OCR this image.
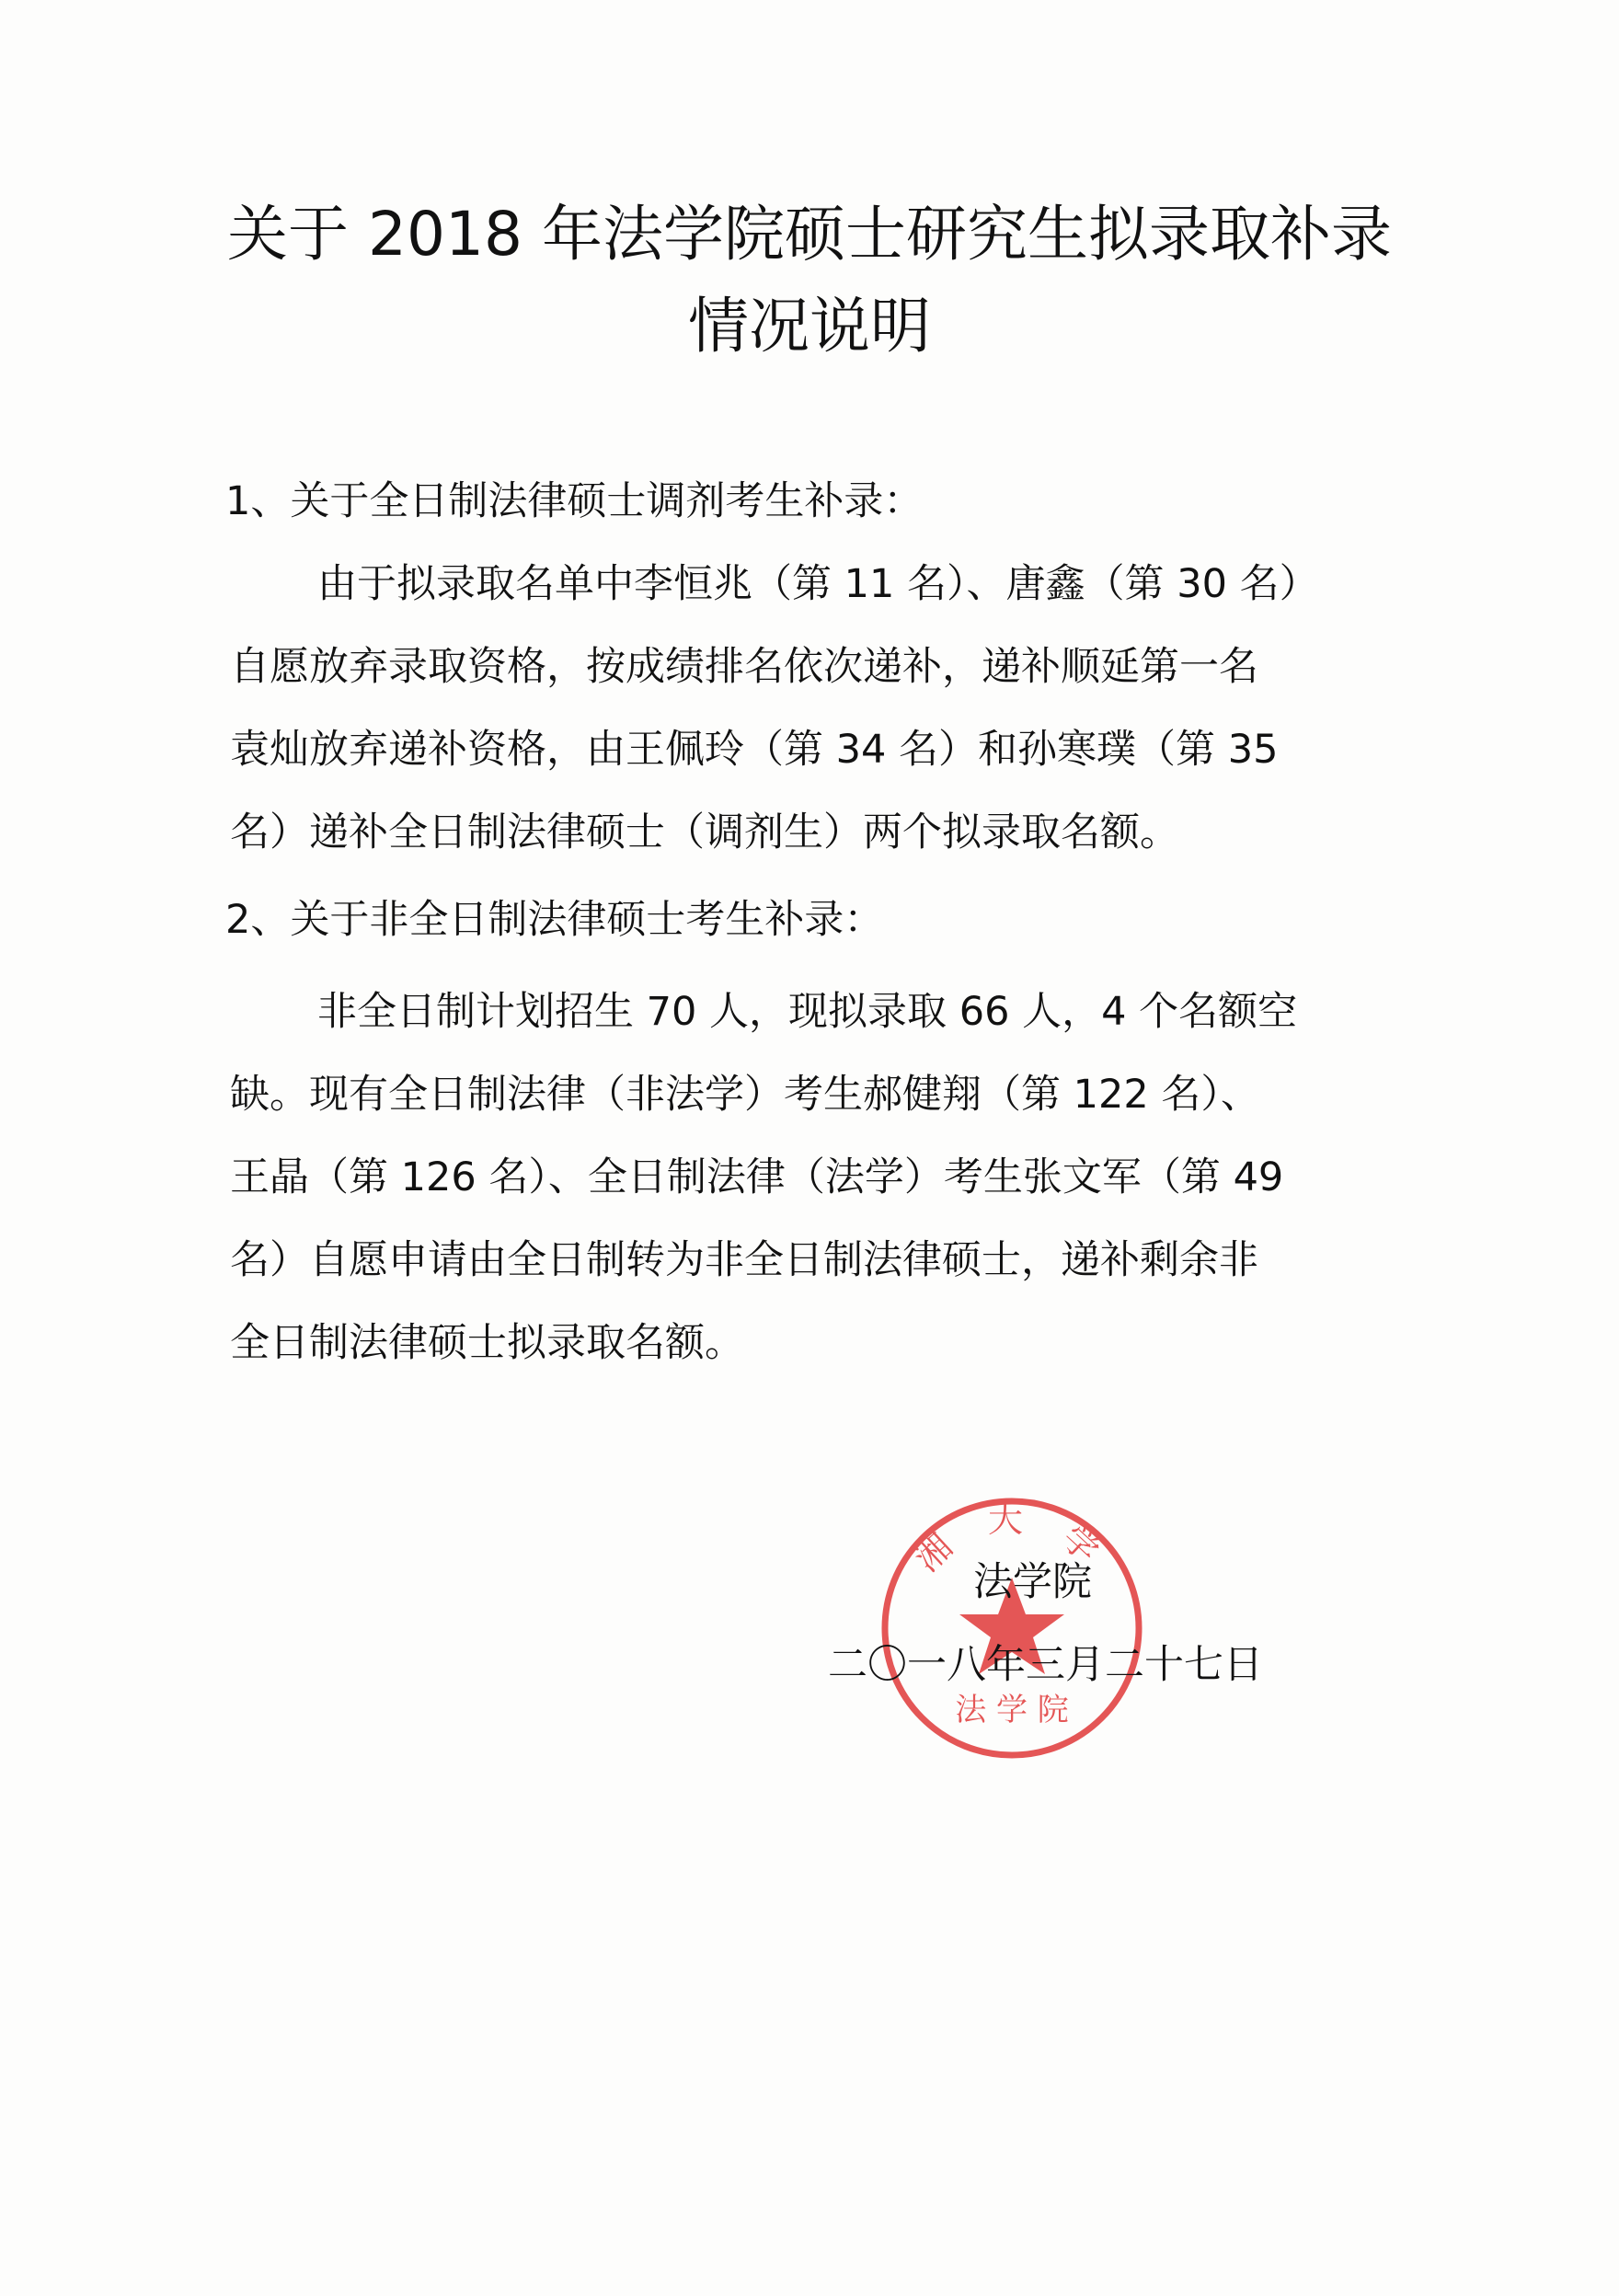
关于 2018 年法学院硕士研究生拟录取补录
情况说明
1、关于全日制法律硕士调剂考生补录：
由于拟录取名单中李恒兆（第 11 名）、唐鑫（第 30 名）
自愿放弃录取资格，按成绩排名依次递补，递补顺延第一名
袁灿放弃递补资格，由王佩玲（第 34 名）和孙寒璞（第 35
名）递补全日制法律硕士（调剂生）两个拟录取名额。
2、关于非全日制法律硕士考生补录：
非全日制计划招生 70 人，现拟录取 66 人，4 个名额空
缺。现有全日制法律（非法学）考生郝健翔（第 122 名）、
王晶（第 126 名）、全日制法律（法学）考生张文军（第 49
名）自愿申请由全日制转为非全日制法律硕士，递补剩余非
全日制法律硕士拟录取名额。
湘 大 学
法 学 院
法学院
二〇一八年三月二十七日
